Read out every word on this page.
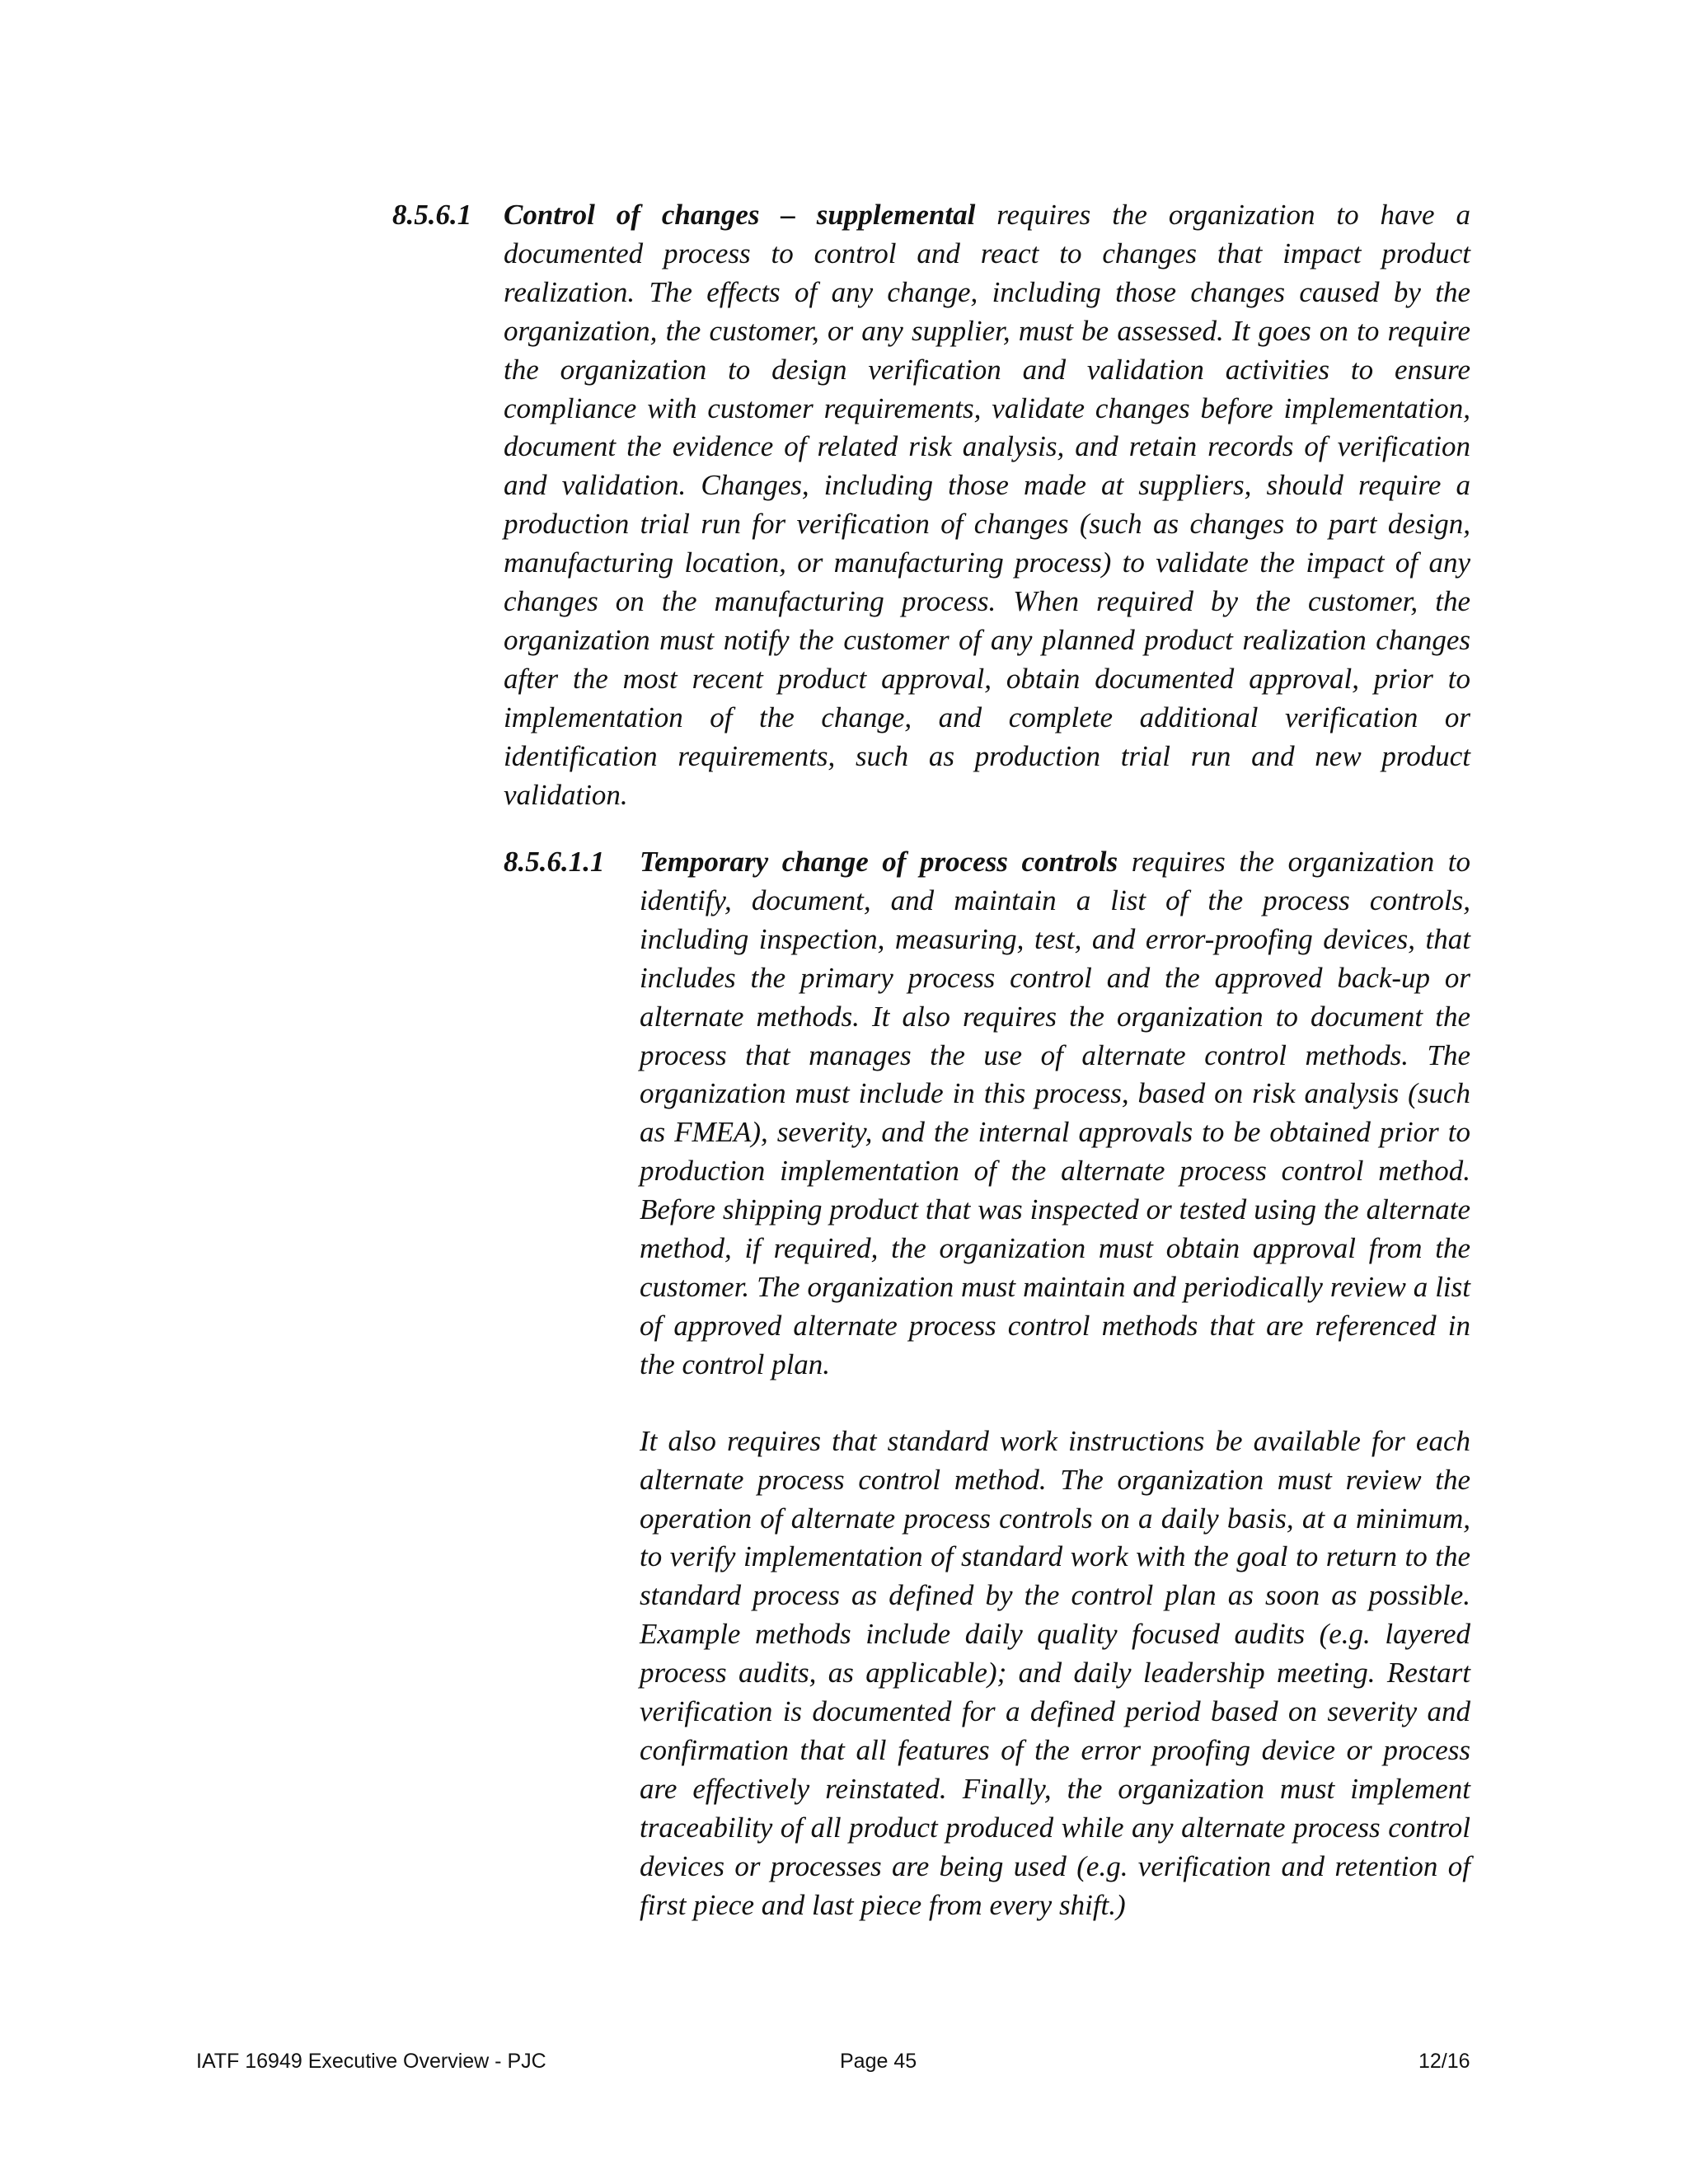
8.5.6.1 Control of changes – supplemental requires the organization to have a documented process to control and react to changes that impact product realization. The effects of any change, including those changes caused by the organization, the customer, or any supplier, must be assessed. It goes on to require the organization to design verification and validation activities to ensure compliance with customer requirements, validate changes before implementation, document the evidence of related risk analysis, and retain records of verification and validation. Changes, including those made at suppliers, should require a production trial run for verification of changes (such as changes to part design, manufacturing location, or manufacturing process) to validate the impact of any changes on the manufacturing process. When required by the customer, the organization must notify the customer of any planned product realization changes after the most recent product approval, obtain documented approval, prior to implementation of the change, and complete additional verification or identification requirements, such as production trial run and new product validation.

8.5.6.1.1 Temporary change of process controls requires the organization to identify, document, and maintain a list of the process controls, including inspection, measuring, test, and error-proofing devices, that includes the primary process control and the approved back-up or alternate methods. It also requires the organization to document the process that manages the use of alternate control methods. The organization must include in this process, based on risk analysis (such as FMEA), severity, and the internal approvals to be obtained prior to production implementation of the alternate process control method. Before shipping product that was inspected or tested using the alternate method, if required, the organization must obtain approval from the customer. The organization must maintain and periodically review a list of approved alternate process control methods that are referenced in the control plan.

It also requires that standard work instructions be available for each alternate process control method. The organization must review the operation of alternate process controls on a daily basis, at a minimum, to verify implementation of standard work with the goal to return to the standard process as defined by the control plan as soon as possible. Example methods include daily quality focused audits (e.g. layered process audits, as applicable); and daily leadership meeting. Restart verification is documented for a defined period based on severity and confirmation that all features of the error proofing device or process are effectively reinstated. Finally, the organization must implement traceability of all product produced while any alternate process control devices or processes are being used (e.g. verification and retention of first piece and last piece from every shift.)

IATF 16949 Executive Overview - PJC	Page 45	12/16
